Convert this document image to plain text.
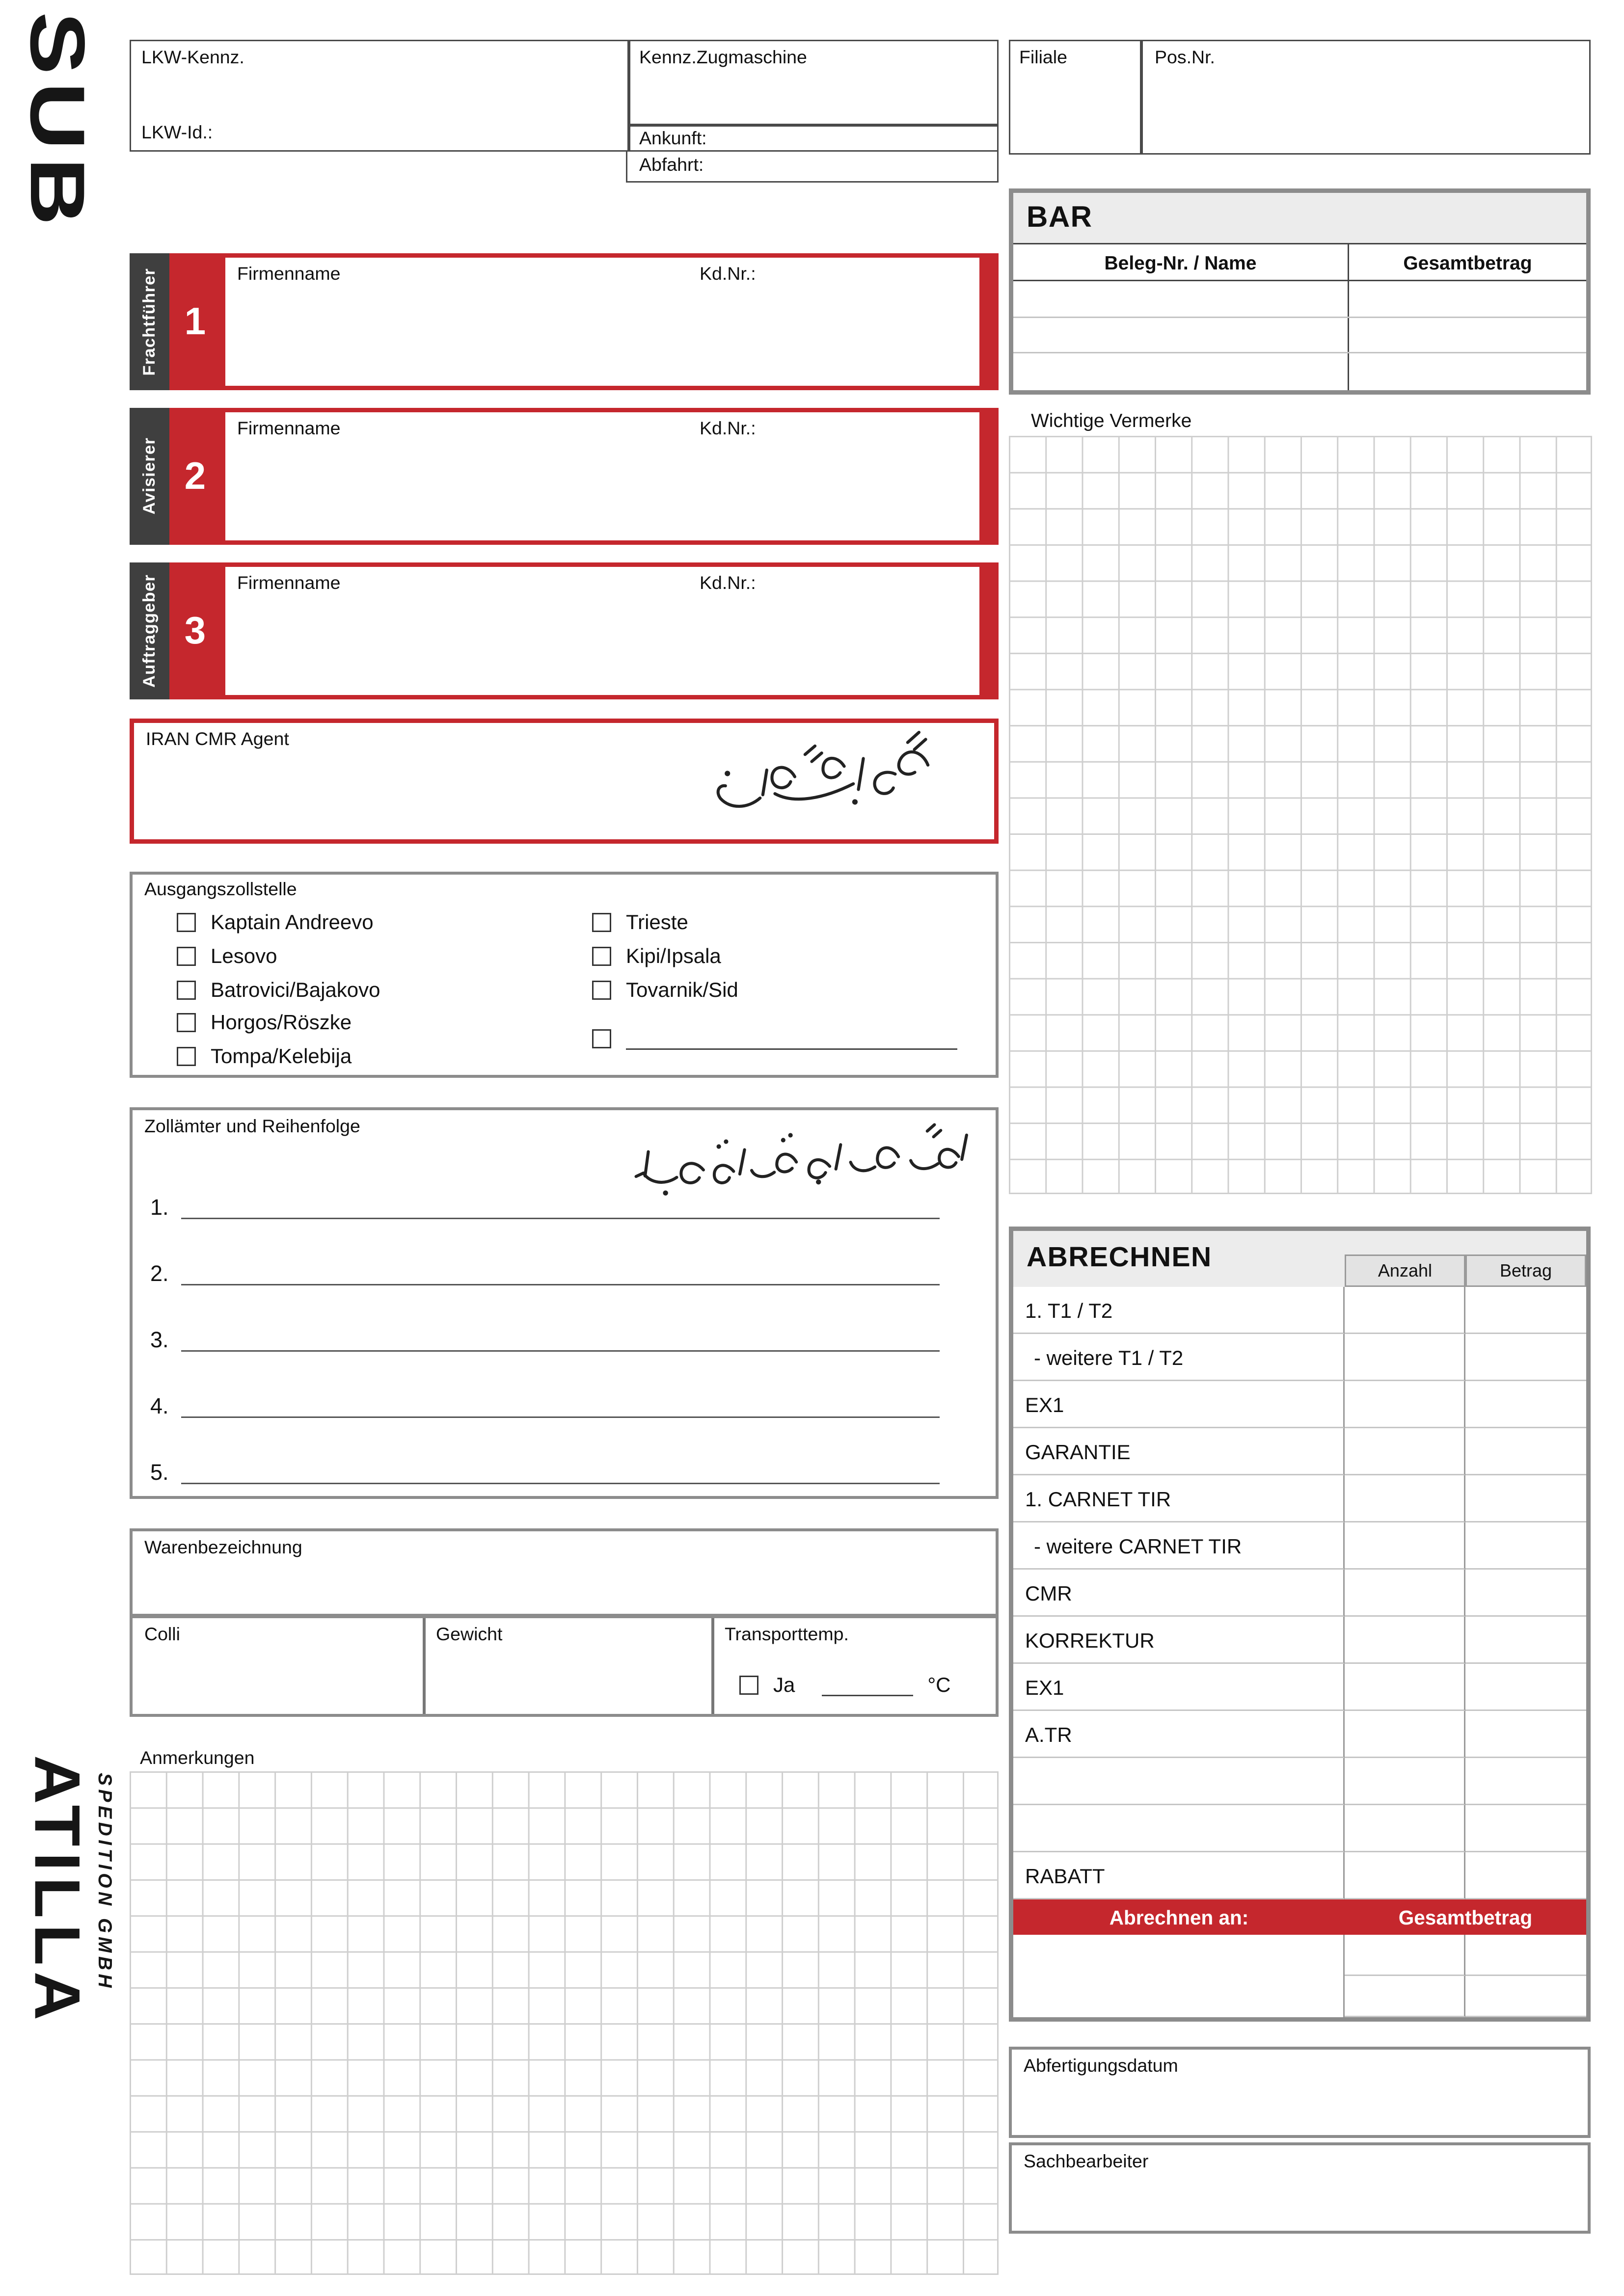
SUB	LKW-Kennz.
LKW-Id.:
Kennz.Zugmaschine
Ankunft:
Abfahrt:
Filiale	Pos.Nr.
BAR
Beleg-Nr. / Name	Gesamtbetrag
Wichtige Vermerke
Frachtführer	1
Firmenname	Kd.Nr.:
Avisierer	2
Firmenname	Kd.Nr.:
Auftraggeber	3
Firmenname	Kd.Nr.:
IRAN CMR Agent
Ausgangszollstelle
Kaptain Andreevo
Lesovo
Batrovici/Bajakovo
Horgos/Röszke
Tompa/Kelebija
Trieste
Kipi/Ipsala
Tovarnik/Sid
Zollämter und Reihenfolge
1.
2.
3.
4.
5.
Warenbezeichnung
Colli	Gewicht	Transporttemp.
Ja	°C
Anmerkungen
ABRECHNEN	Anzahl	Betrag
1. T1 / T2
- weitere T1 / T2
EX1
GARANTIE
1. CARNET TIR
- weitere CARNET TIR
CMR
KORREKTUR
EX1
A.TR
RABATT
Abrechnen an:	Gesamtbetrag
Abfertigungsdatum
Sachbearbeiter
ATILLA SPEDITION GMBH
